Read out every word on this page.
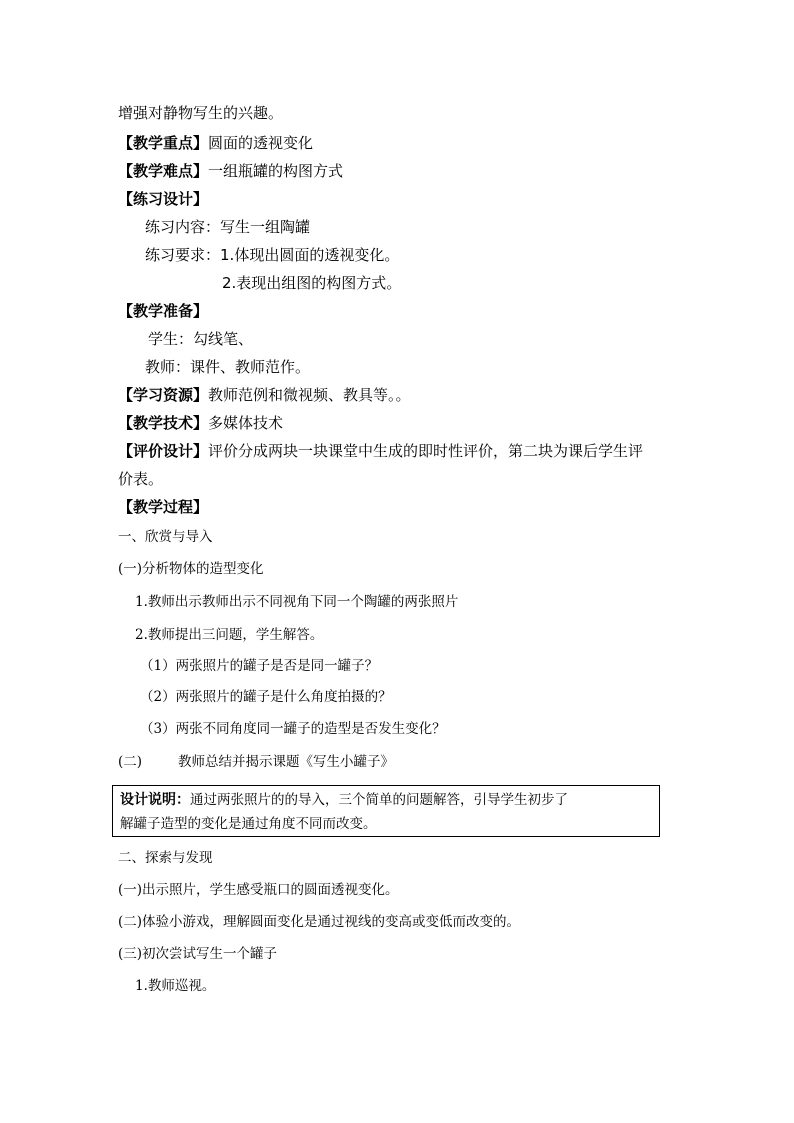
增强对静物写生的兴趣。
【教学重点】圆面的透视变化
【教学难点】一组瓶罐的构图方式
【练习设计】
练习内容：写生一组陶罐
练习要求：1.体现出圆面的透视变化。
2.表现出组图的构图方式。
【教学准备】
学生：勾线笔、
教师：课件、教师范作。
【学习资源】教师范例和微视频、教具等。。
【教学技术】多媒体技术
【评价设计】评价分成两块一块课堂中生成的即时性评价，第二块为课后学生评
价表。
【教学过程】
一、欣赏与导入
(一)分析物体的造型变化
1.教师出示教师出示不同视角下同一个陶罐的两张照片
2.教师提出三问题，学生解答。
（1）两张照片的罐子是否是同一罐子？
（2）两张照片的罐子是什么角度拍摄的？
（3）两张不同角度同一罐子的造型是否发生变化？
(二)	教师总结并揭示课题《写生小罐子》
设计说明：通过两张照片的的导入，三个简单的问题解答，引导学生初步了
解罐子造型的变化是通过角度不同而改变。
二、探索与发现
(一)出示照片，学生感受瓶口的圆面透视变化。
(二)体验小游戏，理解圆面变化是通过视线的变高或变低而改变的。
(三)初次尝试写生一个罐子
1.教师巡视。
